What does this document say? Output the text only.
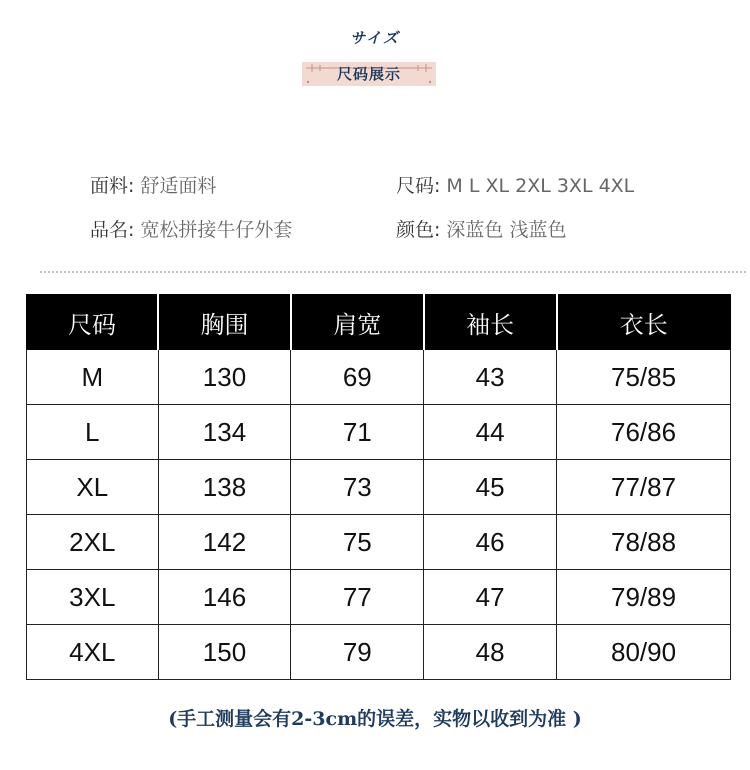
サイズ
尺码展示
面料: 舒适面料	尺码: M L XL 2XL 3XL 4XL
品名: 宽松拼接牛仔外套	颜色: 深蓝色 浅蓝色
尺码	胸围	肩宽	袖长	衣长
M	130	69	43	75/85
L	134	71	44	76/86
XL	138	73	45	77/87
2XL	142	75	46	78/88
3XL	146	77	47	79/89
4XL	150	79	48	80/90
(手工测量会有2-3cm的误差，实物以收到为准 )
